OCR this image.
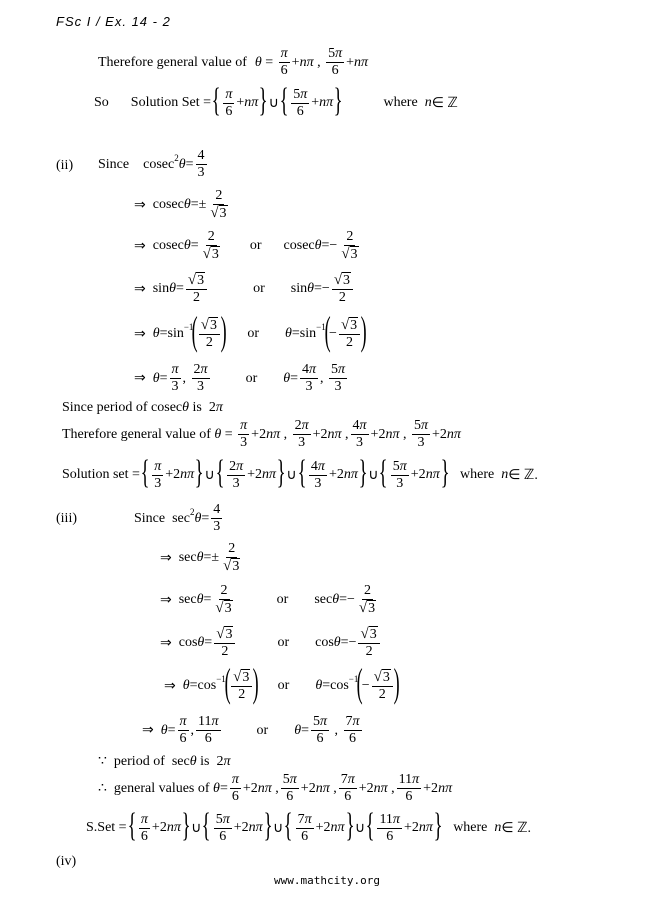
FSc I / Ex. 14 - 2
Therefore general value of θ =
π
6
+ nπ ,
5π
6
+ nπ
So Solution Set = { π
6
+ nπ } ∪ { 5π
6
+ nπ }	where
n ∈ ℤ
(ii) Since cosec 2 θ =
4
3
⇒ cosec θ =±
2
√ 3
⇒ cosec θ =
2
√ 3
or cosec θ =−
2
√ 3
⇒ sin θ =
√ 3
2
or sin θ =−
√ 3
2
⇒
θ =sin −1
( √ 3
2 ) or θ =sin −1
(
−
√ 3
2 )
⇒
θ =
π
3
,
2π
3
or θ =
4π
3
,
5π
3
Since period of cosec θ
is 2 π
Therefore general value of
θ =
π
3
+2 nπ ,
2π
3
+2 nπ ,
4π
3
+2 nπ ,
5π
3
+2 nπ
Solution set = { π
3
+2 nπ } ∪ { 2π
3
+2 nπ } ∪ { 4π
3
+2 nπ } ∪ { 5π
3
+2 nπ } where
n ∈ ℤ.
(iii)	Since sec 2 θ =
4
3
⇒ sec θ =±
2
√ 3
⇒ sec θ =
2
√ 3
or sec θ =−
2
√ 3
⇒ cos θ =
√ 3
2
or cos θ =−
√ 3
2
⇒
θ =cos −1
( √ 3
2 ) or θ =cos −1
(
−
√ 3
2 )
⇒
θ =
π
6
,
11π
6
or θ =
5π
6
,
7π
6
∵
period of sec θ
is 2 π
∴
general values of
θ =
π
6
+2 nπ ,
5π
6
+2 nπ ,
7π
6
+2 nπ ,
11π
6
+2 nπ
S.Set = { π
6
+2 nπ } ∪ { 5π
6
+2 nπ } ∪ { 7π
6
+2 nπ } ∪ { 11π
6
+2 nπ } where
n ∈ ℤ.
(iv)
www.mathcity.org
